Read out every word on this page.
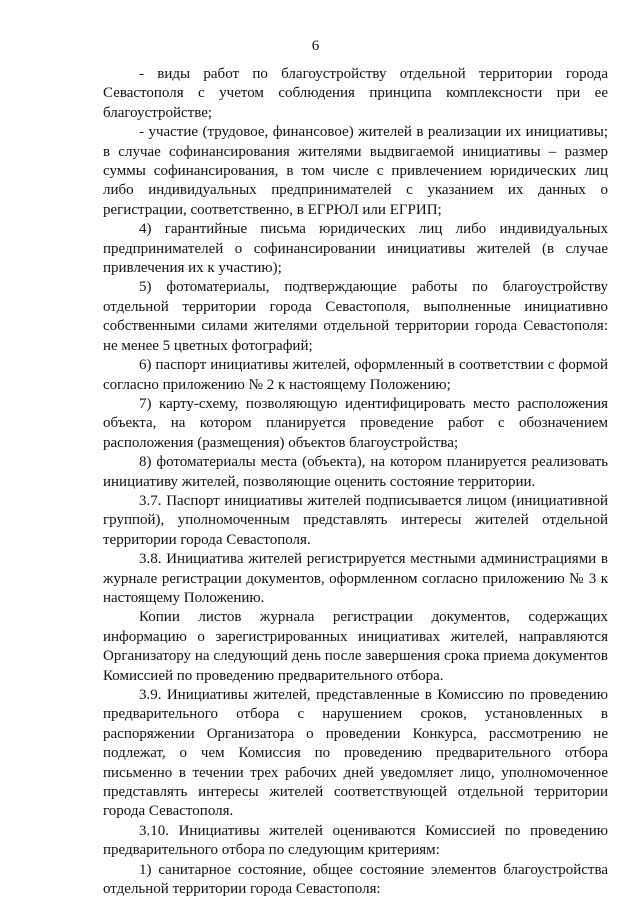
6

- виды работ по благоустройству отдельной территории города Севастополя с учетом соблюдения принципа комплексности при ее благоустройстве;

- участие (трудовое, финансовое) жителей в реализации их инициативы; в случае софинансирования жителями выдвигаемой инициативы – размер суммы софинансирования, в том числе с привлечением юридических лиц либо индивидуальных предпринимателей с указанием их данных о регистрации, соответственно, в ЕГРЮЛ или ЕГРИП;

4) гарантийные письма юридических лиц либо индивидуальных предпринимателей о софинансировании инициативы жителей (в случае привлечения их к участию);

5) фотоматериалы, подтверждающие работы по благоустройству отдельной территории города Севастополя, выполненные инициативно собственными силами жителями отдельной территории города Севастополя: не менее 5 цветных фотографий;

6) паспорт инициативы жителей, оформленный в соответствии с формой согласно приложению № 2 к настоящему Положению;

7) карту-схему, позволяющую идентифицировать место расположения объекта, на котором планируется проведение работ с обозначением расположения (размещения) объектов благоустройства;

8) фотоматериалы места (объекта), на котором планируется реализовать инициативу жителей, позволяющие оценить состояние территории.

3.7. Паспорт инициативы жителей подписывается лицом (инициативной группой), уполномоченным представлять интересы жителей отдельной территории города Севастополя.

3.8. Инициатива жителей регистрируется местными администрациями в журнале регистрации документов, оформленном согласно приложению № 3 к настоящему Положению.

Копии листов журнала регистрации документов, содержащих информацию о зарегистрированных инициативах жителей, направляются Организатору на следующий день после завершения срока приема документов Комиссией по проведению предварительного отбора.

3.9. Инициативы жителей, представленные в Комиссию по проведению предварительного отбора с нарушением сроков, установленных в распоряжении Организатора о проведении Конкурса, рассмотрению не подлежат, о чем Комиссия по проведению предварительного отбора письменно в течении трех рабочих дней уведомляет лицо, уполномоченное представлять интересы жителей соответствующей отдельной территории города Севастополя.

3.10. Инициативы жителей оцениваются Комиссией по проведению предварительного отбора по следующим критериям:

1) санитарное состояние, общее состояние элементов благоустройства отдельной территории города Севастополя:
